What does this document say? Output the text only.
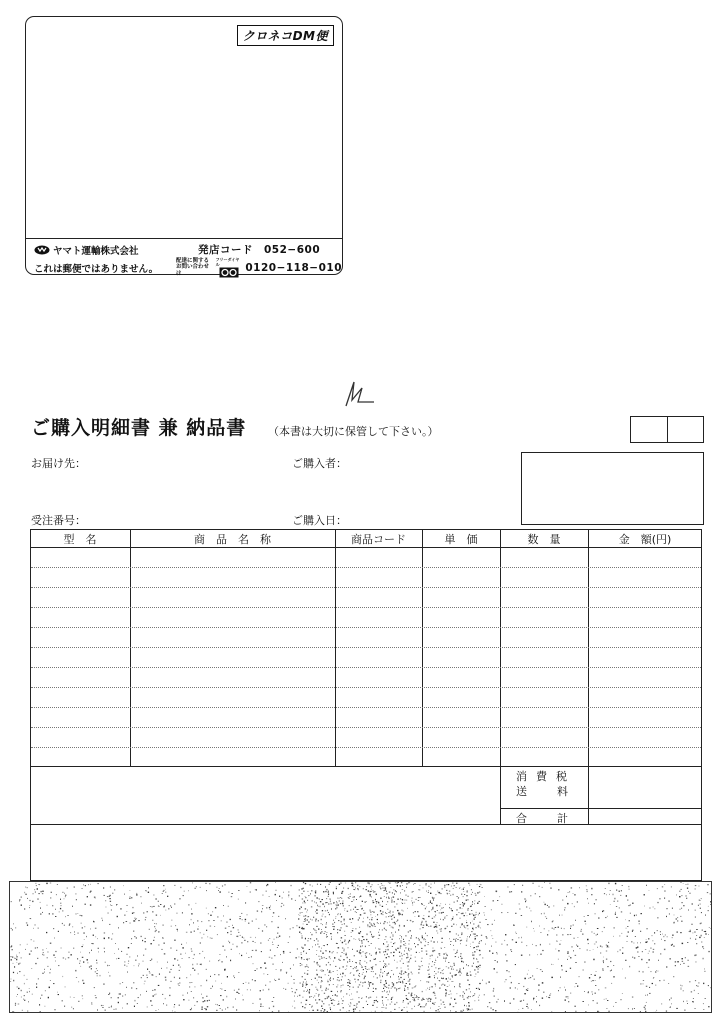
クロネコDM便
ヤマト運輸株式会社
これは郵便ではありません。
発店コード　052−600
配達に関する
お問い合わせは
フリーダイヤル	0120−118−010
ご購入明細書 兼 納品書 （本書は大切に保管して下さい。）
お届け先：	ご購入者：
受注番号：	ご購入日：
型　名	商　品　名　称	商品コード	単　価	数　量	金　額(円)
消費税
送料
合計
